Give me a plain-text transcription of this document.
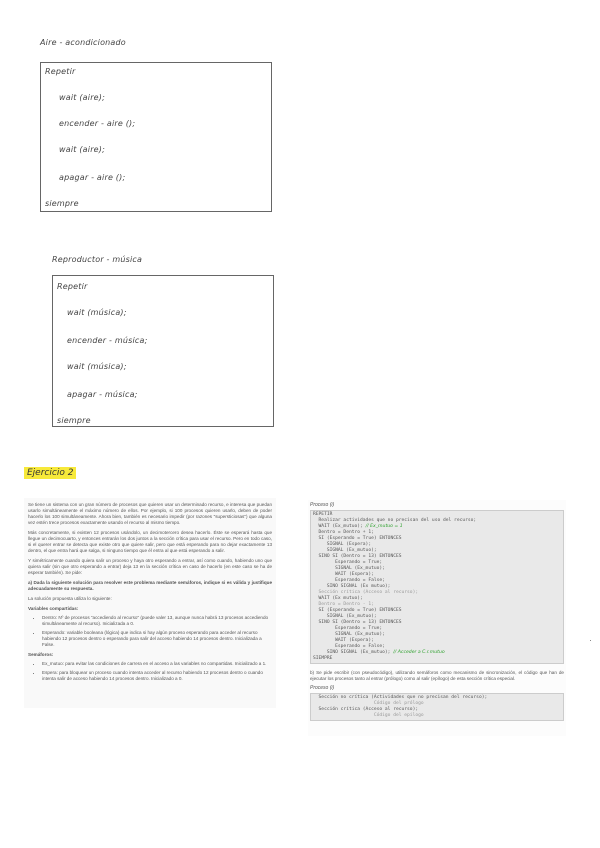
Aire - acondicionado
Repetir
wait (aire);
encender - aire ();
wait (aire);
apagar - aire ();
siempre
Reproductor - música
Repetir
wait (música);
encender - música;
wait (música);
apagar - música;
siempre
Ejercicio 2

Se tiene un sistema con un gran número de procesos que quieren usar un determinado recurso, e interesa que puedan usarlo simultáneamente el máximo número de ellos. Por ejemplo, si 100 procesos quieren usarlo, deben de poder hacerlo los 100 simultáneamente. Ahora bien, también es necesario impedir (por razones "supersticiosas") que alguna vez estén trece procesos exactamente usando el recurso al mismo tiempo.

Más concretamente, si existen 12 procesos usándolo, un decimotercero desea hacerlo. Éste se esperará hasta que llegue un decimocuarto, y entonces entrarán los dos juntos a la sección crítica para usar el recurso. Pero en todo caso, si el querer entrar se detecta que existe otro que quiere salir, pero que está esperando para no dejar exactamente 13 dentro, el que entra hará que salga, si ninguno tiempo que él entra al que está esperando a salir.

Y simétricamente cuando quiera salir un proceso y haya otro esperando a entrar, así como cuando, habiendo uno que quiera salir (sin que otro esperando a entrar) deja 13 en la sección crítica en caso de hacerlo (en este caso se ha de esperar también). Se pide:

a) Dada la siguiente solución para resolver este problema mediante semáforos, indique si es válida y justifique adecuadamente su respuesta.

La solución propuesta utiliza lo siguiente:

Variables compartidas:
• Dentro: Nº de procesos "accediendo al recurso" (puede valer 13, aunque nunca habrá 13 procesos accediendo simultáneamente al recurso). Inicializada a 0.
• Esperando: variable booleana (lógica) que indica si hay algún proceso esperando para acceder al recurso habiendo 12 procesos dentro o esperando para salir del acceso habiendo 14 procesos dentro. Inicializada a False.
Semáforos:
• Ex_mutuo: para evitar las condiciones de carrera en el acceso a las variables no compartidas. Inicializado a 1.
• Espera: para bloquear un proceso cuando intenta acceder al recurso habiendo 12 procesos dentro o cuando intenta salir de acceso habiendo 14 procesos dentro. Inicializado a 0.
Proceso (i)
REPETIR
Realizar actividades que no precisan del uso del recurso;
WAIT (Ex_mutuo); // Ex_mutuo = 1
Dentro = Dentro + 1;
SI (Esperando = True) ENTONCES
SIGNAL (Espera);
SIGNAL (Ex_mutuo);
SINO SI (Dentro = 13) ENTONCES
Esperando = True;
SIGNAL (Ex_mutuo);
WAIT (Espera);
Esperando = False;
SINO SIGNAL (Ex mutuo);
Sección crítica (Acceso al recurso);
WAIT (Ex mutuo);
Dentro = Dentro - 1;
SI (Esperando = True) ENTONCES
SIGNAL (Ex_mutuo);
SINO SI (Dentro = 13) ENTONCES
Esperando = True;
SIGNAL (Ex_mutuo);
WAIT (Espera);
Esperando = False;
SINO SIGNAL (Ex_mutuo); // Acceder a C.r.mutuo
SIEMPRE
b) Se pide escribir (con pseudocódigo), utilizando semáforos como mecanismo de sincronización, el código que han de ejecutar los procesos tanto al entrar (prólogo) como al salir (epílogo) de esta sección crítica especial.
Proceso (i)
Sección no crítica (Actividades que no precisan del recurso);
Código del prólogo
Sección crítica (Acceso al recurso);
Código del epílogo
